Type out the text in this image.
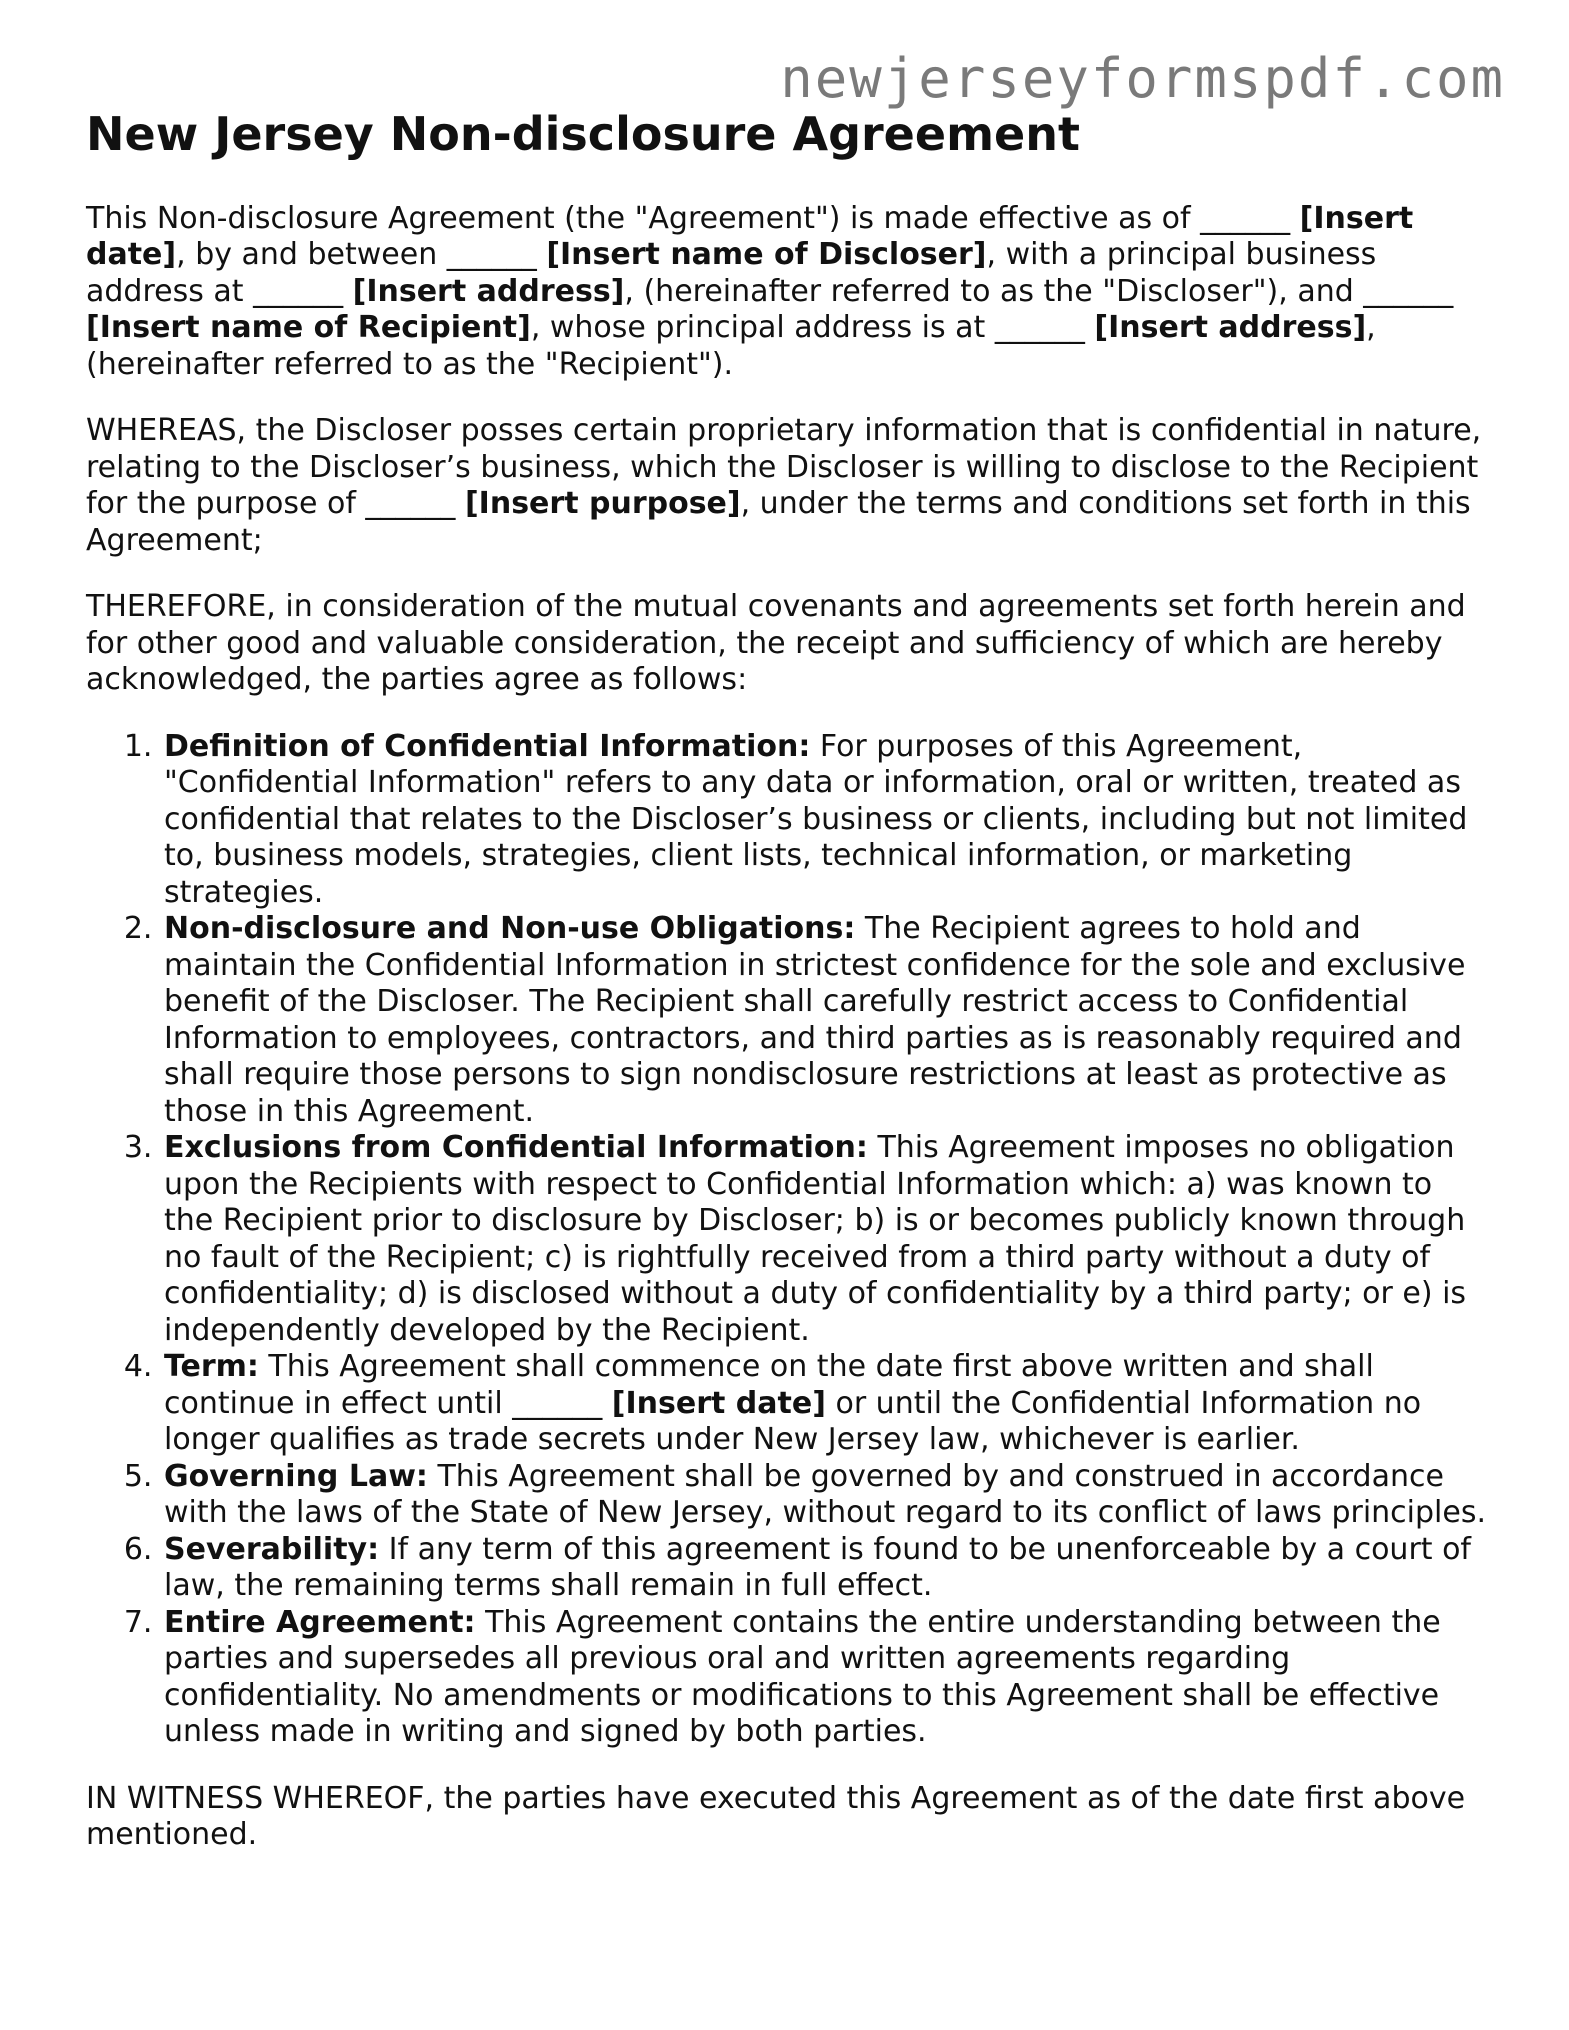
newjerseyformspdf.com
New Jersey Non-disclosure Agreement

This Non-disclosure Agreement (the "Agreement") is made effective as of ______ [Insert date], by and between ______ [Insert name of Discloser], with a principal business address at ______ [Insert address], (hereinafter referred to as the "Discloser"), and ______ [Insert name of Recipient], whose principal address is at ______ [Insert address], (hereinafter referred to as the "Recipient").

WHEREAS, the Discloser posses certain proprietary information that is confidential in nature, relating to the Discloser’s business, which the Discloser is willing to disclose to the Recipient for the purpose of ______ [Insert purpose], under the terms and conditions set forth in this Agreement;

THEREFORE, in consideration of the mutual covenants and agreements set forth herein and for other good and valuable consideration, the receipt and sufficiency of which are hereby acknowledged, the parties agree as follows:

1. Definition of Confidential Information: For purposes of this Agreement, "Confidential Information" refers to any data or information, oral or written, treated as confidential that relates to the Discloser’s business or clients, including but not limited to, business models, strategies, client lists, technical information, or marketing strategies.
2. Non-disclosure and Non-use Obligations: The Recipient agrees to hold and maintain the Confidential Information in strictest confidence for the sole and exclusive benefit of the Discloser. The Recipient shall carefully restrict access to Confidential Information to employees, contractors, and third parties as is reasonably required and shall require those persons to sign nondisclosure restrictions at least as protective as those in this Agreement.
3. Exclusions from Confidential Information: This Agreement imposes no obligation upon the Recipients with respect to Confidential Information which: a) was known to the Recipient prior to disclosure by Discloser; b) is or becomes publicly known through no fault of the Recipient; c) is rightfully received from a third party without a duty of confidentiality; d) is disclosed without a duty of confidentiality by a third party; or e) is independently developed by the Recipient.
4. Term: This Agreement shall commence on the date first above written and shall continue in effect until ______ [Insert date] or until the Confidential Information no longer qualifies as trade secrets under New Jersey law, whichever is earlier.
5. Governing Law: This Agreement shall be governed by and construed in accordance with the laws of the State of New Jersey, without regard to its conflict of laws principles.
6. Severability: If any term of this agreement is found to be unenforceable by a court of law, the remaining terms shall remain in full effect.
7. Entire Agreement: This Agreement contains the entire understanding between the parties and supersedes all previous oral and written agreements regarding confidentiality. No amendments or modifications to this Agreement shall be effective unless made in writing and signed by both parties.

IN WITNESS WHEREOF, the parties have executed this Agreement as of the date first above mentioned.
